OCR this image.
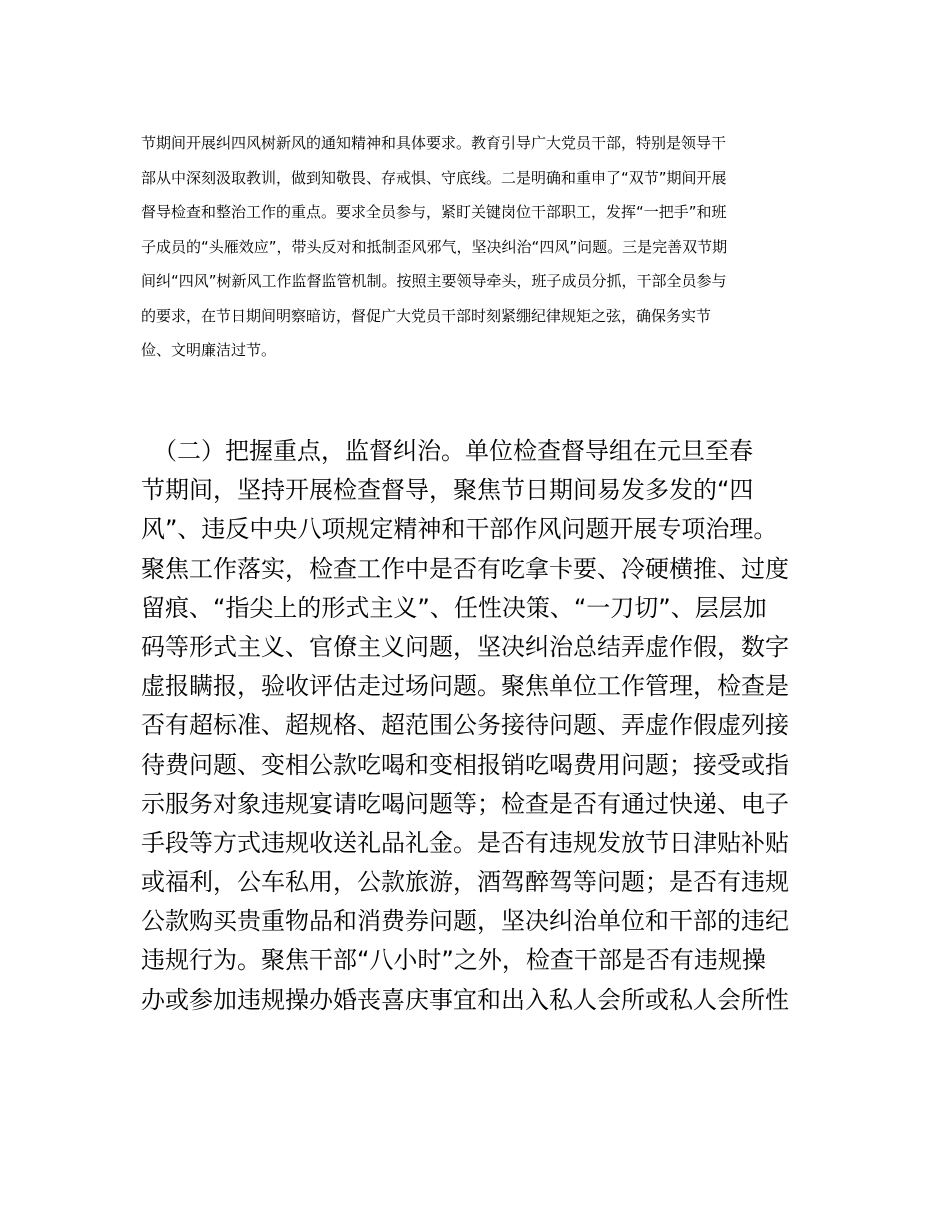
节期间开展纠四风树新风的通知精神和具体要求。教育引导广大党员干部，特别是领导干
部从中深刻汲取教训，做到知敬畏、存戒惧、守底线。二是明确和重申了“双节”期间开展
督导检查和整治工作的重点。要求全员参与，紧盯关键岗位干部职工，发挥“一把手”和班
子成员的“头雁效应”，带头反对和抵制歪风邪气，坚决纠治“四风”问题。三是完善双节期
间纠“四风”树新风工作监督监管机制。按照主要领导牵头，班子成员分抓，干部全员参与
的要求，在节日期间明察暗访，督促广大党员干部时刻紧绷纪律规矩之弦，确保务实节
俭、文明廉洁过节。
　（二）把握重点，监督纠治。单位检查督导组在元旦至春
节期间，坚持开展检查督导，聚焦节日期间易发多发的“四
风”、违反中央八项规定精神和干部作风问题开展专项治理。
聚焦工作落实，检查工作中是否有吃拿卡要、冷硬横推、过度
留痕、“指尖上的形式主义”、任性决策、“一刀切”、层层加
码等形式主义、官僚主义问题，坚决纠治总结弄虚作假，数字
虚报瞒报，验收评估走过场问题。聚焦单位工作管理，检查是
否有超标准、超规格、超范围公务接待问题、弄虚作假虚列接
待费问题、变相公款吃喝和变相报销吃喝费用问题；接受或指
示服务对象违规宴请吃喝问题等；检查是否有通过快递、电子
手段等方式违规收送礼品礼金。是否有违规发放节日津贴补贴
或福利，公车私用，公款旅游，酒驾醉驾等问题；是否有违规
公款购买贵重物品和消费券问题，坚决纠治单位和干部的违纪
违规行为。聚焦干部“八小时”之外，检查干部是否有违规操
办或参加违规操办婚丧喜庆事宜和出入私人会所或私人会所性
